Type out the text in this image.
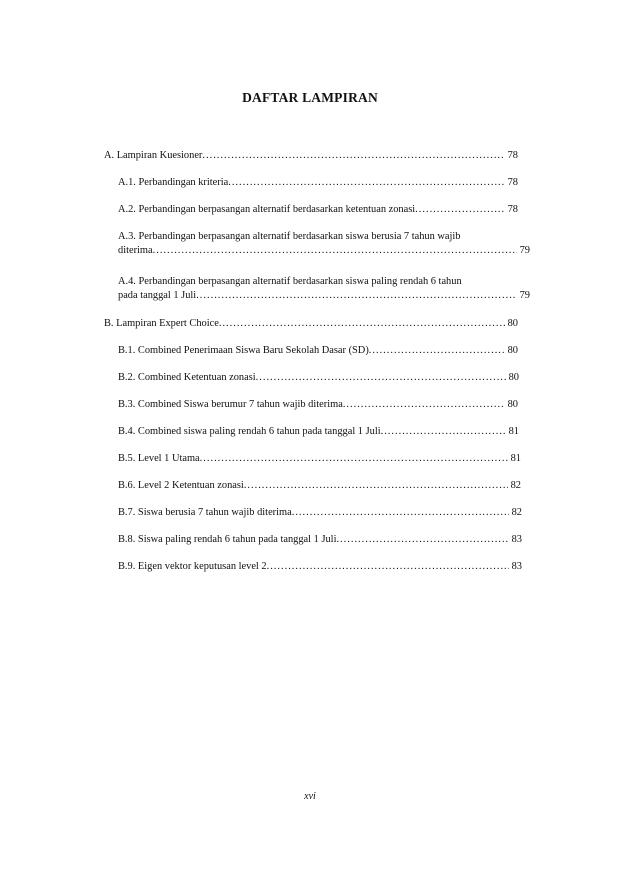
DAFTAR LAMPIRAN
A. Lampiran Kuesioner .....	78
A.1. Perbandingan kriteria .....	78
A.2. Perbandingan berpasangan alternatif berdasarkan ketentuan zonasi .....	78
A.3. Perbandingan berpasangan alternatif berdasarkan siswa berusia 7 tahun wajib
diterima .....	79
A.4. Perbandingan berpasangan alternatif berdasarkan siswa paling rendah 6 tahun
pada tanggal 1 Juli .....	79
B. Lampiran Expert Choice .....	80
B.1. Combined Penerimaan Siswa Baru Sekolah Dasar (SD) .....	80
B.2. Combined Ketentuan zonasi .....	80
B.3. Combined Siswa berumur 7 tahun wajib diterima .....	80
B.4. Combined siswa paling rendah 6 tahun pada tanggal 1 Juli .....	81
B.5. Level 1 Utama .....	81
B.6. Level 2 Ketentuan zonasi .....	82
B.7. Siswa berusia 7 tahun wajib diterima .....	82
B.8. Siswa paling rendah 6 tahun pada tanggal 1 Juli .....	83
B.9. Eigen vektor keputusan level 2 .....	83
xvi
